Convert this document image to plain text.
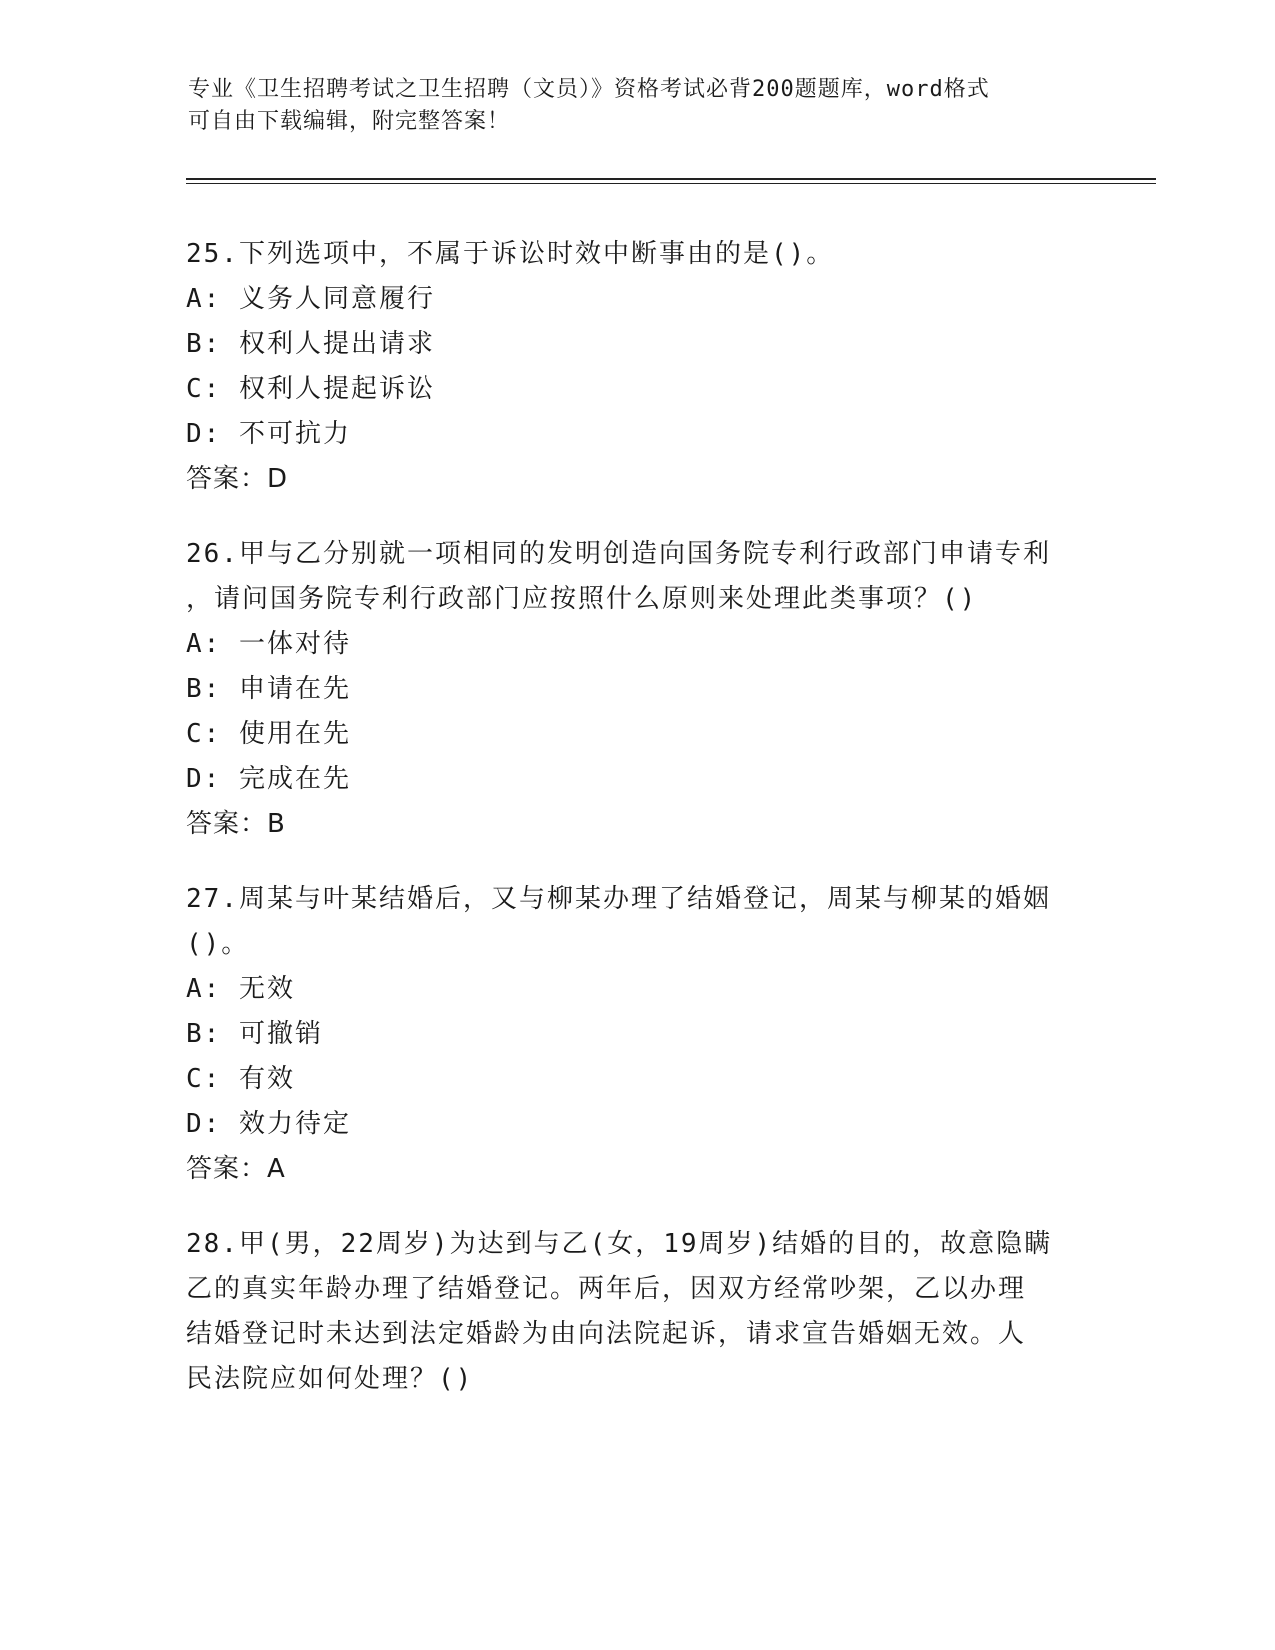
专业《卫生招聘考试之卫生招聘（文员）》资格考试必背200题题库，word格式
可自由下载编辑，附完整答案！
25.下列选项中，不属于诉讼时效中断事由的是()。
A: 义务人同意履行
B: 权利人提出请求
C: 权利人提起诉讼
D: 不可抗力
答案：D
26.甲与乙分别就一项相同的发明创造向国务院专利行政部门申请专利
，请问国务院专利行政部门应按照什么原则来处理此类事项？()
A: 一体对待
B: 申请在先
C: 使用在先
D: 完成在先
答案：B
27.周某与叶某结婚后，又与柳某办理了结婚登记，周某与柳某的婚姻
()。
A: 无效
B: 可撤销
C: 有效
D: 效力待定
答案：A
28.甲(男，22周岁)为达到与乙(女，19周岁)结婚的目的，故意隐瞒
乙的真实年龄办理了结婚登记。两年后，因双方经常吵架，乙以办理
结婚登记时未达到法定婚龄为由向法院起诉，请求宣告婚姻无效。人
民法院应如何处理？()
